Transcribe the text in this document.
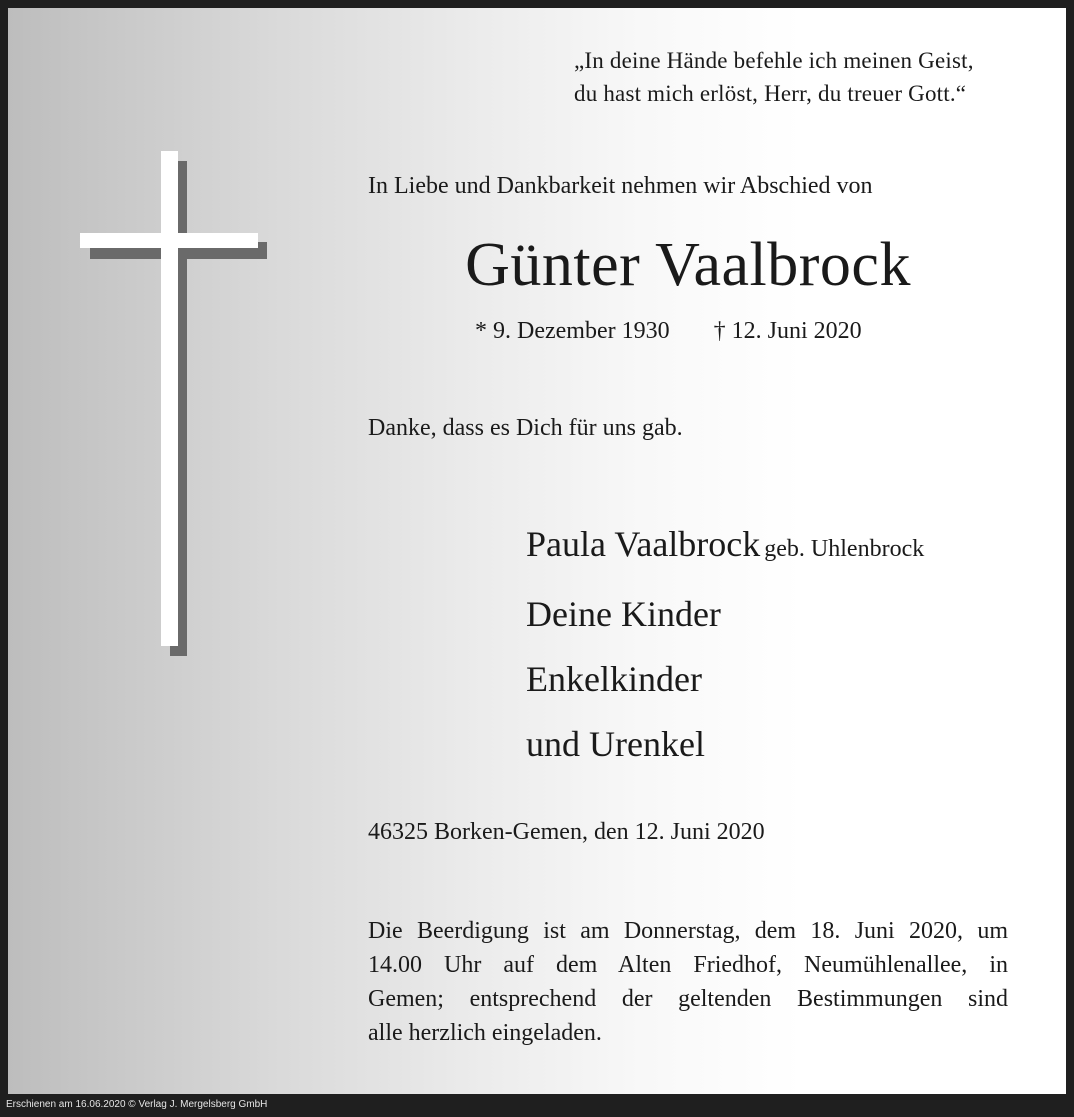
„In deine Hände befehle ich meinen Geist,
du hast mich erlöst, Herr, du treuer Gott.“
In Liebe und Dankbarkeit nehmen wir Abschied von
Günter Vaalbrock
* 9. Dezember 1930 † 12. Juni 2020
Danke, dass es Dich für uns gab.
Paula Vaalbrock geb. Uhlenbrock
Deine Kinder
Enkelkinder
und Urenkel
46325 Borken-Gemen, den 12. Juni 2020
Die Beerdigung ist am Donnerstag, dem 18. Juni 2020, um
14.00 Uhr auf dem Alten Friedhof, Neumühlenallee, in
Gemen; entsprechend der geltenden Bestimmungen sind
alle herzlich eingeladen.
Erschienen am 16.06.2020 © Verlag J. Mergelsberg GmbH
